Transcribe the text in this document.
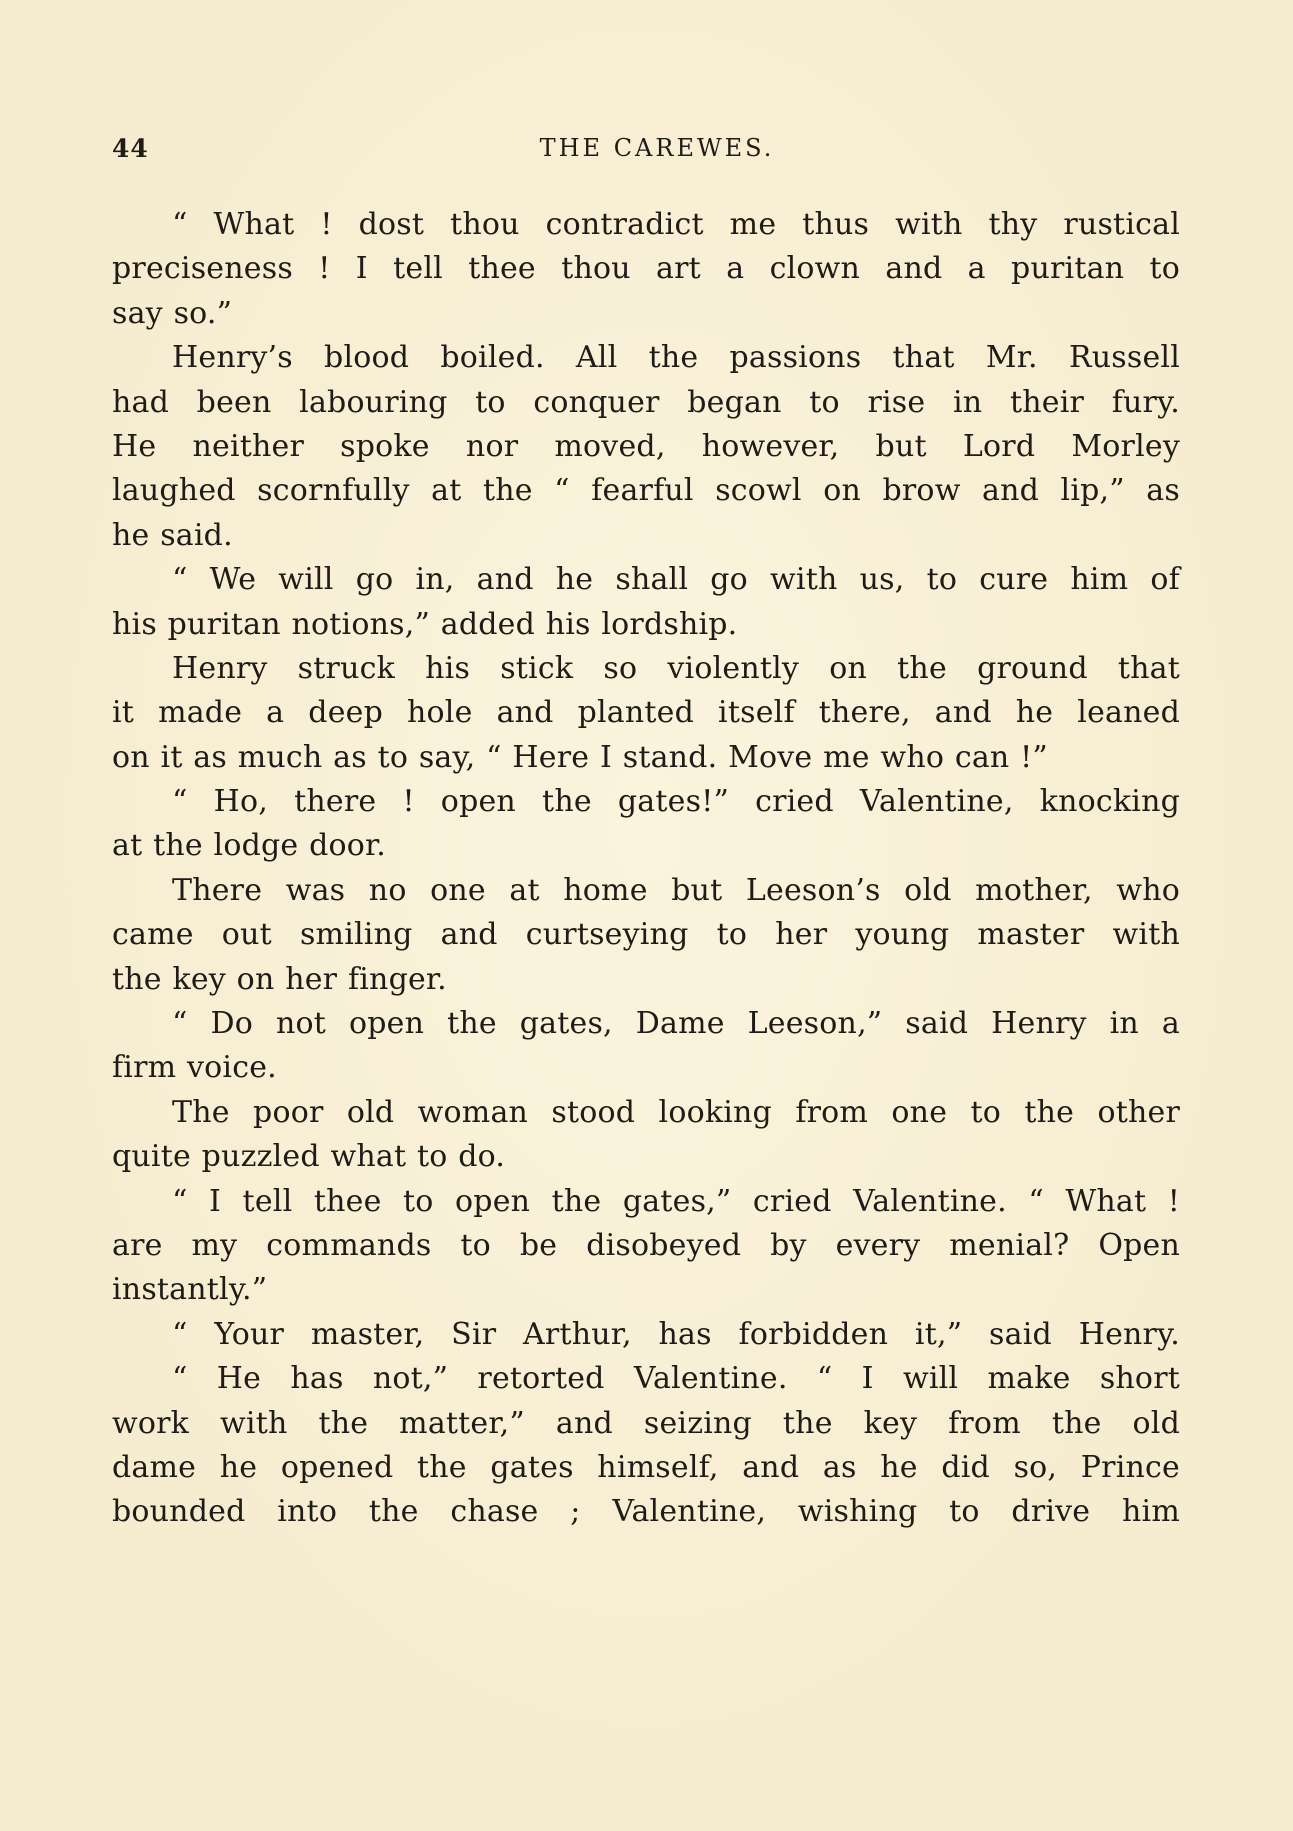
44	THE CAREWES.
“ What ! dost thou contradict me thus with thy rustical
preciseness ! I tell thee thou art a clown and a puritan to
say so.”
Henry’s blood boiled. All the passions that Mr. Russell
had been labouring to conquer began to rise in their fury.
He neither spoke nor moved, however, but Lord Morley
laughed scornfully at the “ fearful scowl on brow and lip,” as
he said.
“ We will go in, and he shall go with us, to cure him of
his puritan notions,” added his lordship.
Henry struck his stick so violently on the ground that
it made a deep hole and planted itself there, and he leaned
on it as much as to say, “ Here I stand. Move me who can !”
“ Ho, there ! open the gates!” cried Valentine, knocking
at the lodge door.
There was no one at home but Leeson’s old mother, who
came out smiling and curtseying to her young master with
the key on her finger.
“ Do not open the gates, Dame Leeson,” said Henry in a
firm voice.
The poor old woman stood looking from one to the other
quite puzzled what to do.
“ I tell thee to open the gates,” cried Valentine. “ What !
are my commands to be disobeyed by every menial? Open
instantly.”
“ Your master, Sir Arthur, has forbidden it,” said Henry.
“ He has not,” retorted Valentine. “ I will make short
work with the matter,” and seizing the key from the old
dame he opened the gates himself, and as he did so, Prince
bounded into the chase ; Valentine, wishing to drive him
